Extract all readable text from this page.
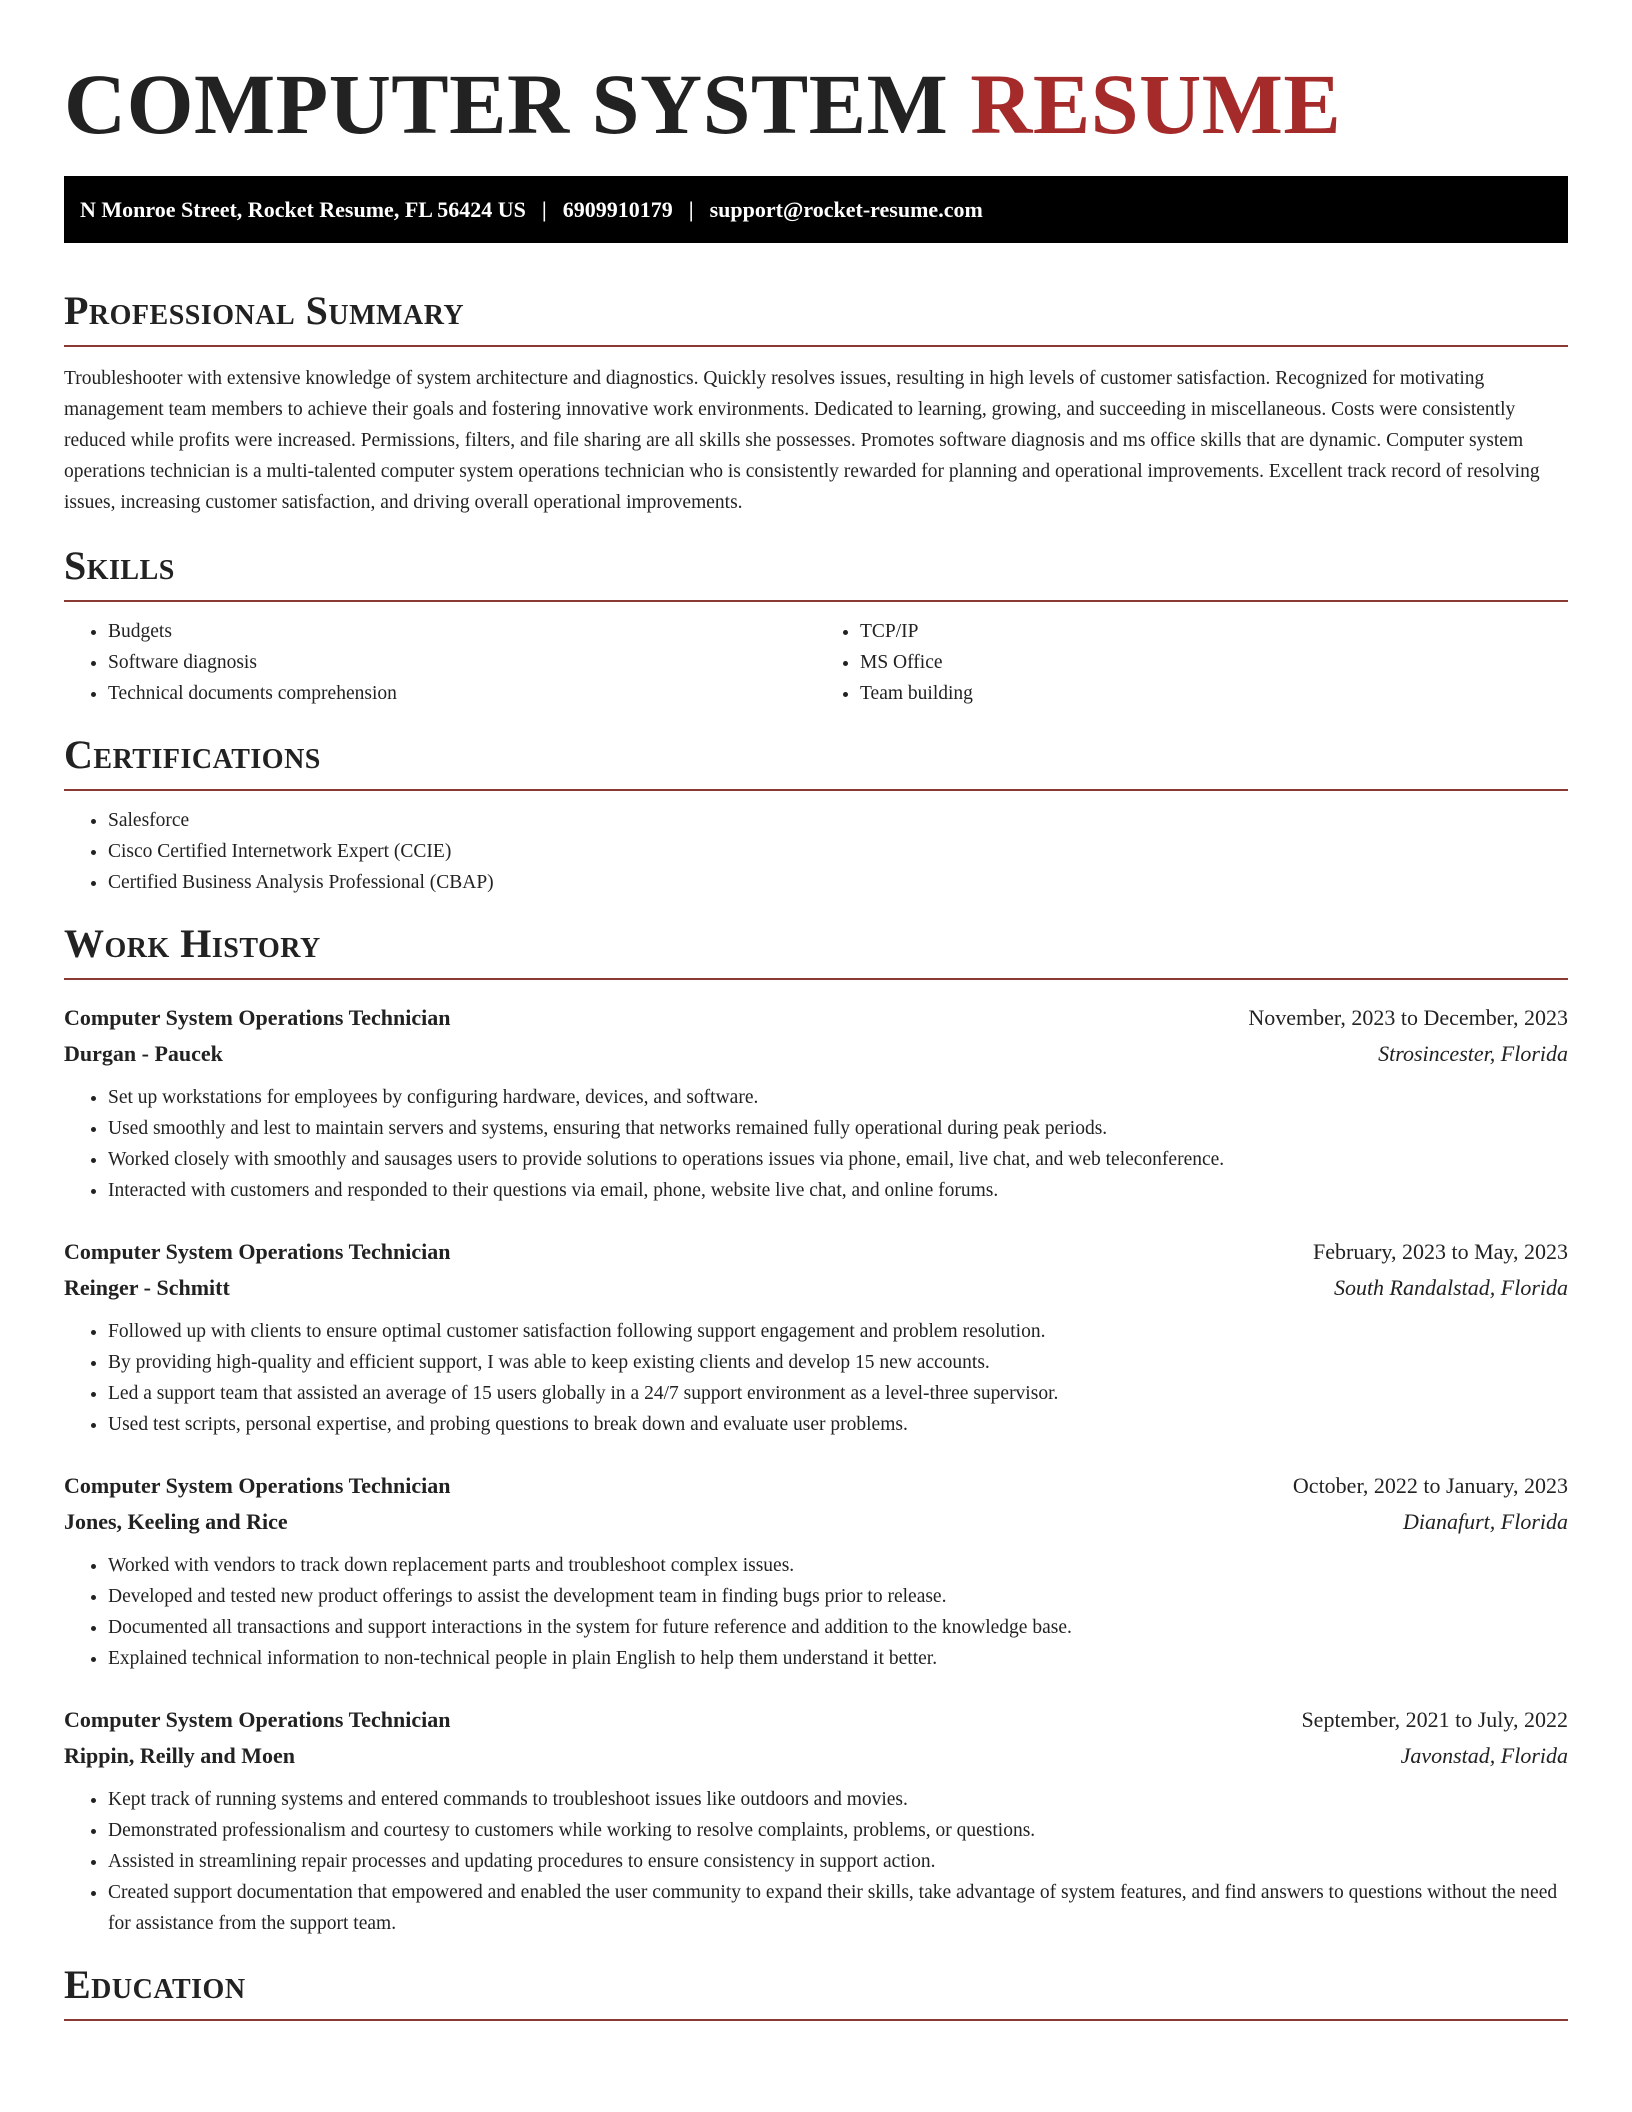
COMPUTER SYSTEM RESUME
N Monroe Street, Rocket Resume, FL 56424 US | 6909910179 | support@rocket-resume.com
Professional Summary

Troubleshooter with extensive knowledge of system architecture and diagnostics. Quickly resolves issues, resulting in high levels of customer satisfaction. Recognized for motivating management team members to achieve their goals and fostering innovative work environments. Dedicated to learning, growing, and succeeding in miscellaneous. Costs were consistently reduced while profits were increased. Permissions, filters, and file sharing are all skills she possesses. Promotes software diagnosis and ms office skills that are dynamic. Computer system operations technician is a multi-talented computer system operations technician who is consistently rewarded for planning and operational improvements. Excellent track record of resolving issues, increasing customer satisfaction, and driving overall operational improvements.

Skills
• Budgets
• Software diagnosis
• Technical documents comprehension
• TCP/IP
• MS Office
• Team building
Certifications
• Salesforce
• Cisco Certified Internetwork Expert (CCIE)
• Certified Business Analysis Professional (CBAP)
Work History
Computer System Operations Technician	November, 2023 to December, 2023
Durgan - Paucek	Strosincester, Florida
• Set up workstations for employees by configuring hardware, devices, and software.
• Used smoothly and lest to maintain servers and systems, ensuring that networks remained fully operational during peak periods.
• Worked closely with smoothly and sausages users to provide solutions to operations issues via phone, email, live chat, and web teleconference.
• Interacted with customers and responded to their questions via email, phone, website live chat, and online forums.
Computer System Operations Technician	February, 2023 to May, 2023
Reinger - Schmitt	South Randalstad, Florida
• Followed up with clients to ensure optimal customer satisfaction following support engagement and problem resolution.
• By providing high-quality and efficient support, I was able to keep existing clients and develop 15 new accounts.
• Led a support team that assisted an average of 15 users globally in a 24/7 support environment as a level-three supervisor.
• Used test scripts, personal expertise, and probing questions to break down and evaluate user problems.
Computer System Operations Technician	October, 2022 to January, 2023
Jones, Keeling and Rice	Dianafurt, Florida
• Worked with vendors to track down replacement parts and troubleshoot complex issues.
• Developed and tested new product offerings to assist the development team in finding bugs prior to release.
• Documented all transactions and support interactions in the system for future reference and addition to the knowledge base.
• Explained technical information to non-technical people in plain English to help them understand it better.
Computer System Operations Technician	September, 2021 to July, 2022
Rippin, Reilly and Moen	Javonstad, Florida
• Kept track of running systems and entered commands to troubleshoot issues like outdoors and movies.
• Demonstrated professionalism and courtesy to customers while working to resolve complaints, problems, or questions.
• Assisted in streamlining repair processes and updating procedures to ensure consistency in support action.
• Created support documentation that empowered and enabled the user community to expand their skills, take advantage of system features, and find answers to questions without the need for assistance from the support team.
Education
